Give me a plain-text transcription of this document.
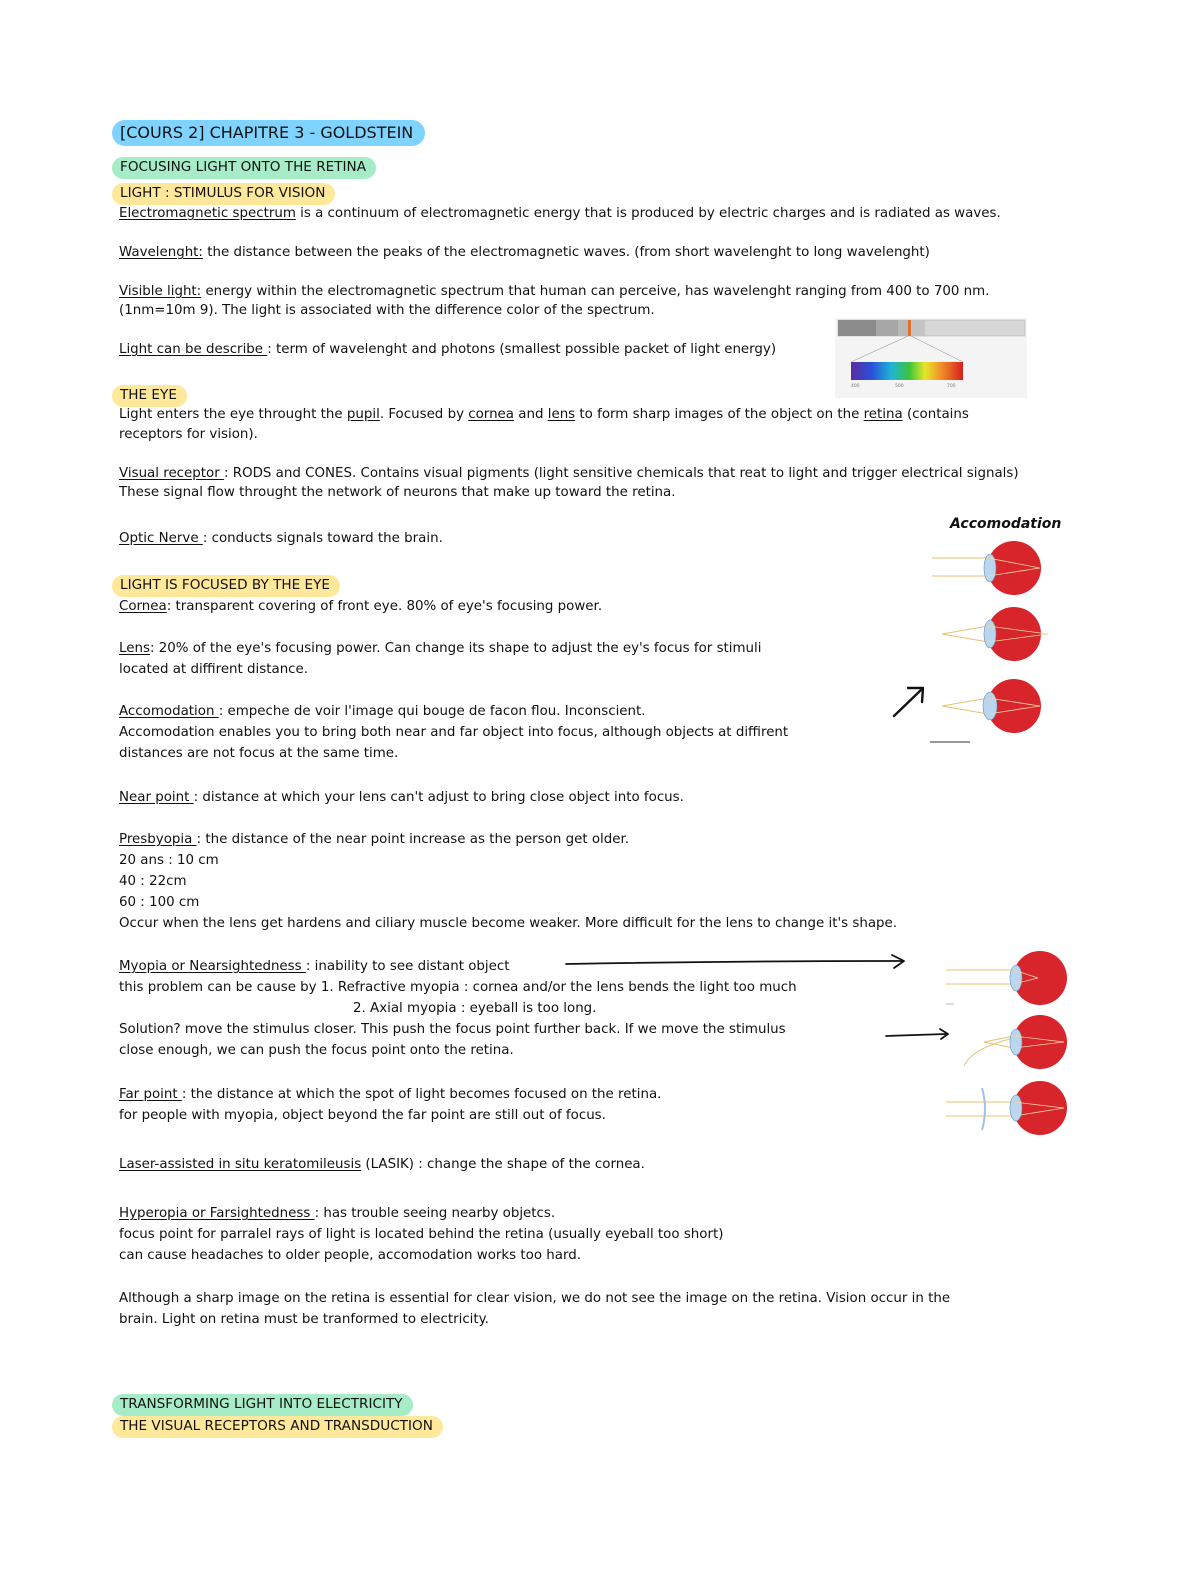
[COURS 2] CHAPITRE 3 - GOLDSTEIN
FOCUSING LIGHT ONTO THE RETINA
LIGHT : STIMULUS FOR VISION
Electromagnetic spectrum is a continuum of electromagnetic energy that is produced by electric charges and is radiated as waves.
Wavelenght: the distance between the peaks of the electromagnetic waves. (from short wavelenght to long wavelenght)
Visible light: energy within the electromagnetic spectrum that human can perceive, has wavelenght ranging from 400 to 700 nm.
(1nm=10m 9). The light is associated with the difference color of the spectrum.
Light can be describe : term of wavelenght and photons (smallest possible packet of light energy)
400	500	700
THE EYE
Light enters the eye throught the pupil. Focused by cornea and lens to form sharp images of the object on the retina (contains
receptors for vision).
Visual receptor : RODS and CONES. Contains visual pigments (light sensitive chemicals that reat to light and trigger electrical signals)
These signal flow throught the network of neurons that make up toward the retina.
Optic Nerve : conducts signals toward the brain.
Accomodation
LIGHT IS FOCUSED BY THE EYE
Cornea: transparent covering of front eye. 80% of eye's focusing power.
Lens: 20% of the eye's focusing power. Can change its shape to adjust the ey's focus for stimuli
located at diffirent distance.
Accomodation : empeche de voir l'image qui bouge de facon flou. Inconscient.
Accomodation enables you to bring both near and far object into focus, although objects at diffirent
distances are not focus at the same time.
Near point : distance at which your lens can't adjust to bring close object into focus.
Presbyopia : the distance of the near point increase as the person get older.
20 ans : 10 cm
40 : 22cm
60 : 100 cm
Occur when the lens get hardens and ciliary muscle become weaker. More difficult for the lens to change it's shape.
Myopia or Nearsightedness : inability to see distant object
this problem can be cause by 1. Refractive myopia : cornea and/or the lens bends the light too much
2. Axial myopia : eyeball is too long.
Solution? move the stimulus closer. This push the focus point further back. If we move the stimulus
close enough, we can push the focus point onto the retina.
Far point : the distance at which the spot of light becomes focused on the retina.
for people with myopia, object beyond the far point are still out of focus.
Laser-assisted in situ keratomileusis (LASIK) : change the shape of the cornea.
Hyperopia or Farsightedness : has trouble seeing nearby objetcs.
focus point for parralel rays of light is located behind the retina (usually eyeball too short)
can cause headaches to older people, accomodation works too hard.
Although a sharp image on the retina is essential for clear vision, we do not see the image on the retina. Vision occur in the
brain. Light on retina must be tranformed to electricity.
TRANSFORMING LIGHT INTO ELECTRICITY
THE VISUAL RECEPTORS AND TRANSDUCTION
